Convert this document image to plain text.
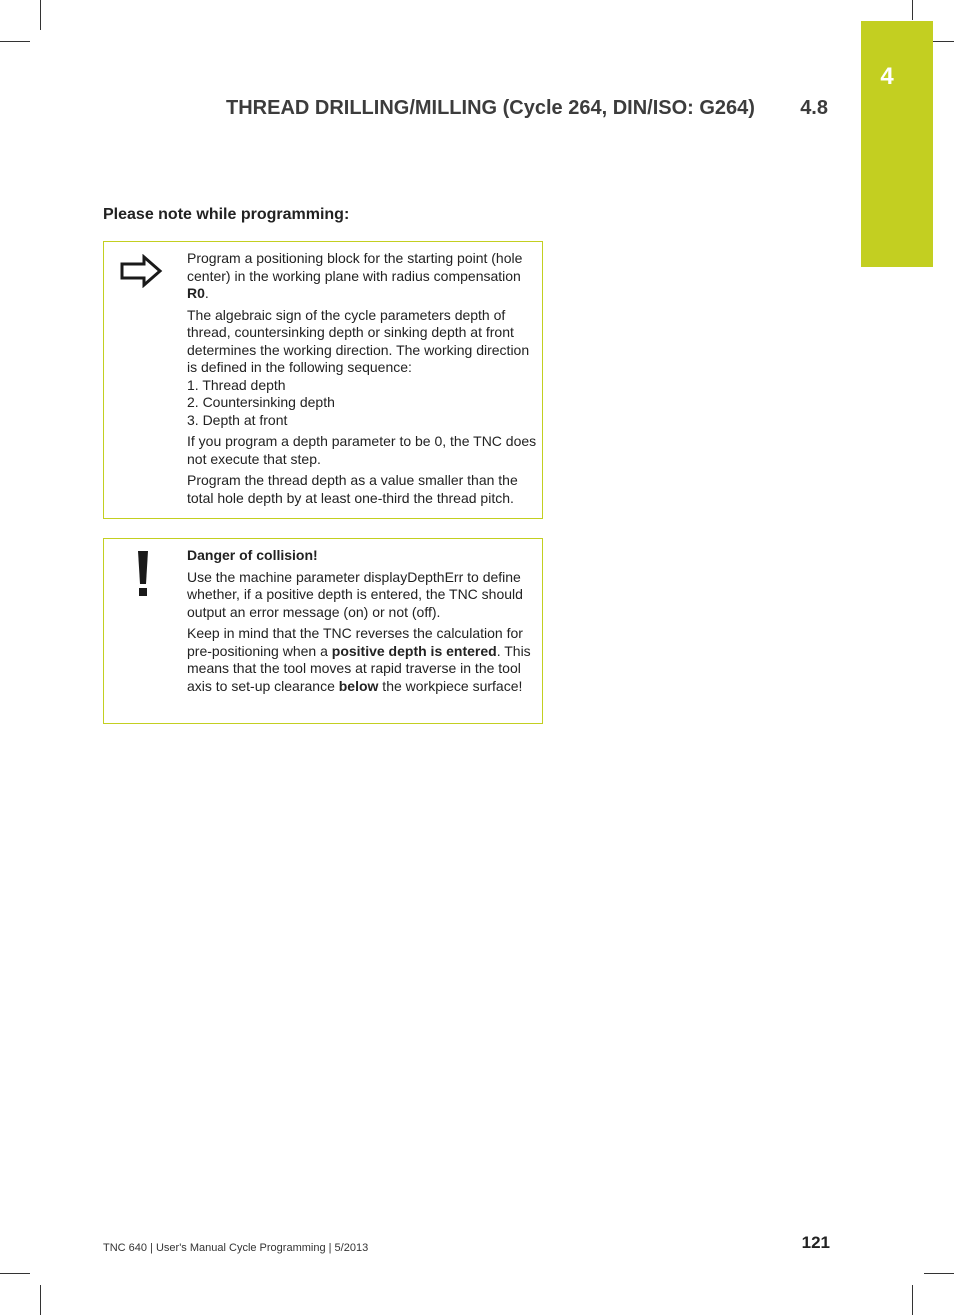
4
THREAD DRILLING/MILLING (Cycle 264, DIN/ISO: G264) 4.8
Please note while programming:

Program a positioning block for the starting point (hole center) in the working plane with radius compensation R0.

The algebraic sign of the cycle parameters depth of thread, countersinking depth or sinking depth at front determines the working direction. The working direction is defined in the following sequence:
1. Thread depth
2. Countersinking depth
3. Depth at front

If you program a depth parameter to be 0, the TNC does not execute that step.

Program the thread depth as a value smaller than the total hole depth by at least one-third the thread pitch.

Danger of collision!

Use the machine parameter displayDepthErr to define whether, if a positive depth is entered, the TNC should output an error message (on) or not (off).

Keep in mind that the TNC reverses the calculation for pre-positioning when a positive depth is entered. This means that the tool moves at rapid traverse in the tool axis to set-up clearance below the workpiece surface!

TNC 640 | User's Manual Cycle Programming | 5/2013	121
